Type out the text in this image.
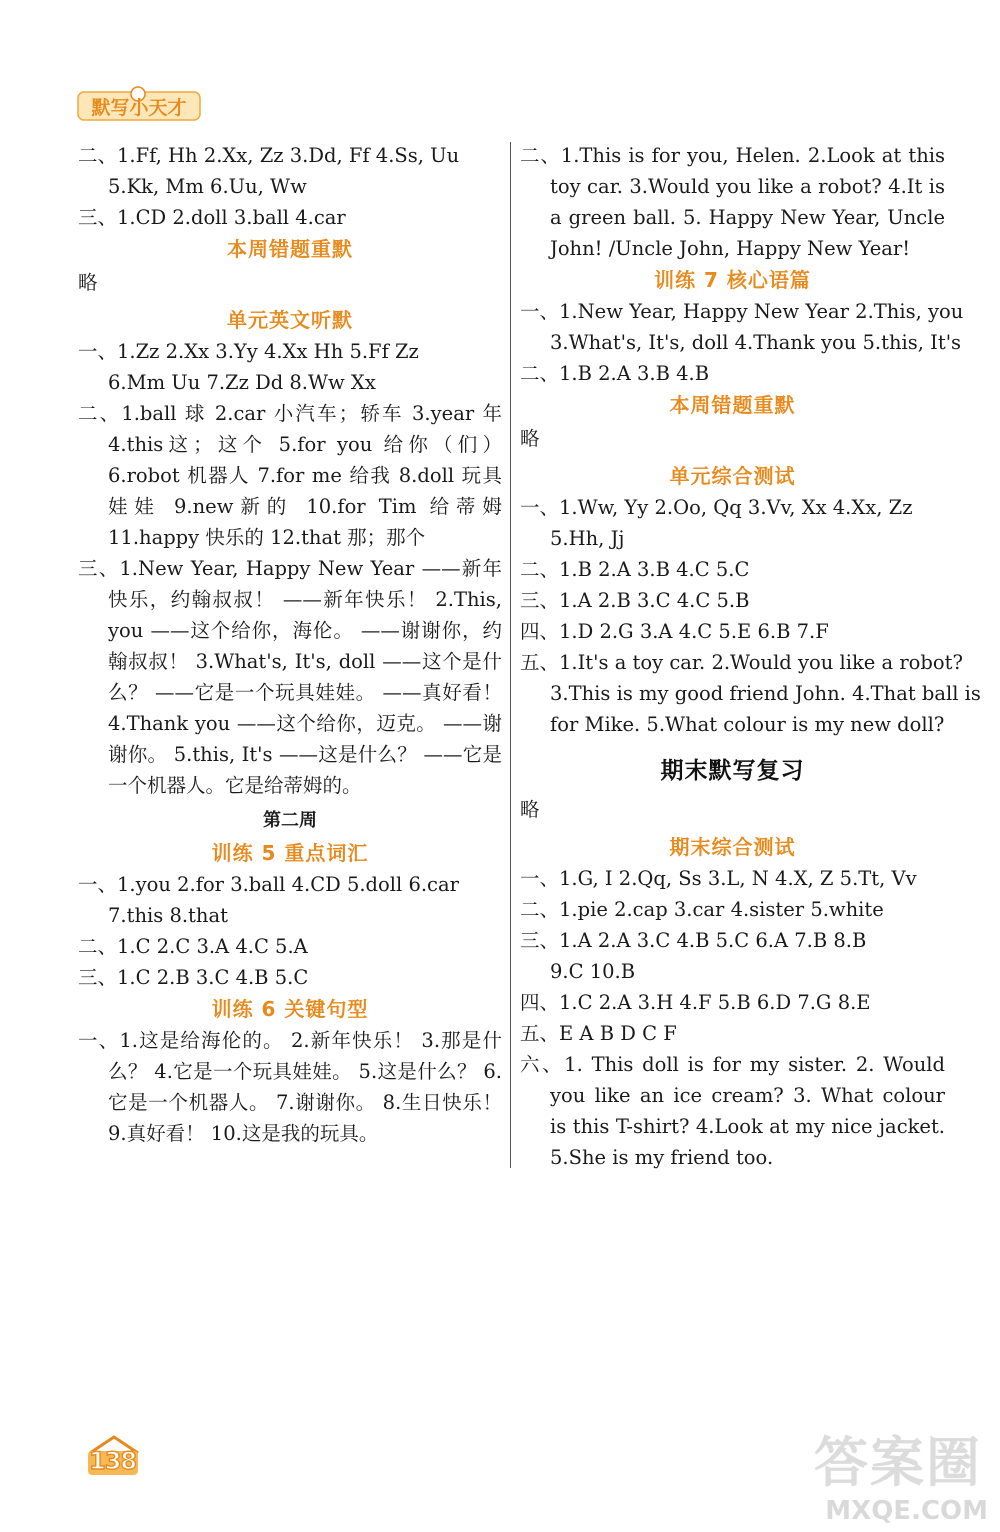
默写小天才
二、1.Ff, Hh 2.Xx, Zz 3.Dd, Ff 4.Ss, Uu
5.Kk, Mm 6.Uu, Ww
三、1.CD 2.doll 3.ball 4.car
本周错题重默
略
单元英文听默
一、1.Zz 2.Xx 3.Yy 4.Xx Hh 5.Ff Zz
6.Mm Uu 7.Zz Dd 8.Ww Xx
二、1.ball 球 2.car 小汽车；轿车 3.year 年 4.this这；这个 5.for you 给你（们） 6.robot 机器人 7.for me 给我 8.doll 玩具娃娃 9.new新的 10.for Tim 给蒂姆 11.happy 快乐的 12.that 那；那个
三、1.New Year, Happy New Year ——新年快乐，约翰叔叔！ ——新年快乐！ 2.This, you ——这个给你，海伦。 ——谢谢你，约翰叔叔！ 3.What's, It's, doll ——这个是什么？ ——它是一个玩具娃娃。 ——真好看！ 4.Thank you ——这个给你，迈克。 ——谢谢你。 5.this, It's ——这是什么？ ——它是一个机器人。它是给蒂姆的。
第二周
训练 5 重点词汇
一、1.you 2.for 3.ball 4.CD 5.doll 6.car
7.this 8.that
二、1.C 2.C 3.A 4.C 5.A
三、1.C 2.B 3.C 4.B 5.C
训练 6 关键句型
一、1.这是给海伦的。 2.新年快乐！ 3.那是什么？ 4.它是一个玩具娃娃。 5.这是什么？ 6.它是一个机器人。 7.谢谢你。 8.生日快乐！ 9.真好看！ 10.这是我的玩具。
二、1.This is for you, Helen. 2.Look at this toy car. 3.Would you like a robot? 4.It is a green ball. 5. Happy New Year, Uncle John! /Uncle John, Happy New Year!
训练 7 核心语篇
一、1.New Year, Happy New Year 2.This, you
3.What's, It's, doll 4.Thank you 5.this, It's
二、1.B 2.A 3.B 4.B
本周错题重默
略
单元综合测试
一、1.Ww, Yy 2.Oo, Qq 3.Vv, Xx 4.Xx, Zz
5.Hh, Jj
二、1.B 2.A 3.B 4.C 5.C
三、1.A 2.B 3.C 4.C 5.B
四、1.D 2.G 3.A 4.C 5.E 6.B 7.F
五、1.It's a toy car. 2.Would you like a robot?
3.This is my good friend John. 4.That ball is
for Mike. 5.What colour is my new doll?
期末默写复习
略
期末综合测试
一、1.G, I 2.Qq, Ss 3.L, N 4.X, Z 5.Tt, Vv
二、1.pie 2.cap 3.car 4.sister 5.white
三、1.A 2.A 3.C 4.B 5.C 6.A 7.B 8.B
9.C 10.B
四、1.C 2.A 3.H 4.F 5.B 6.D 7.G 8.E
五、E A B D C F
六、1. This doll is for my sister. 2. Would you like an ice cream? 3. What colour is this T-shirt? 4.Look at my nice jacket. 5.She is my friend too.
138	答案圈
MXQE.COM
